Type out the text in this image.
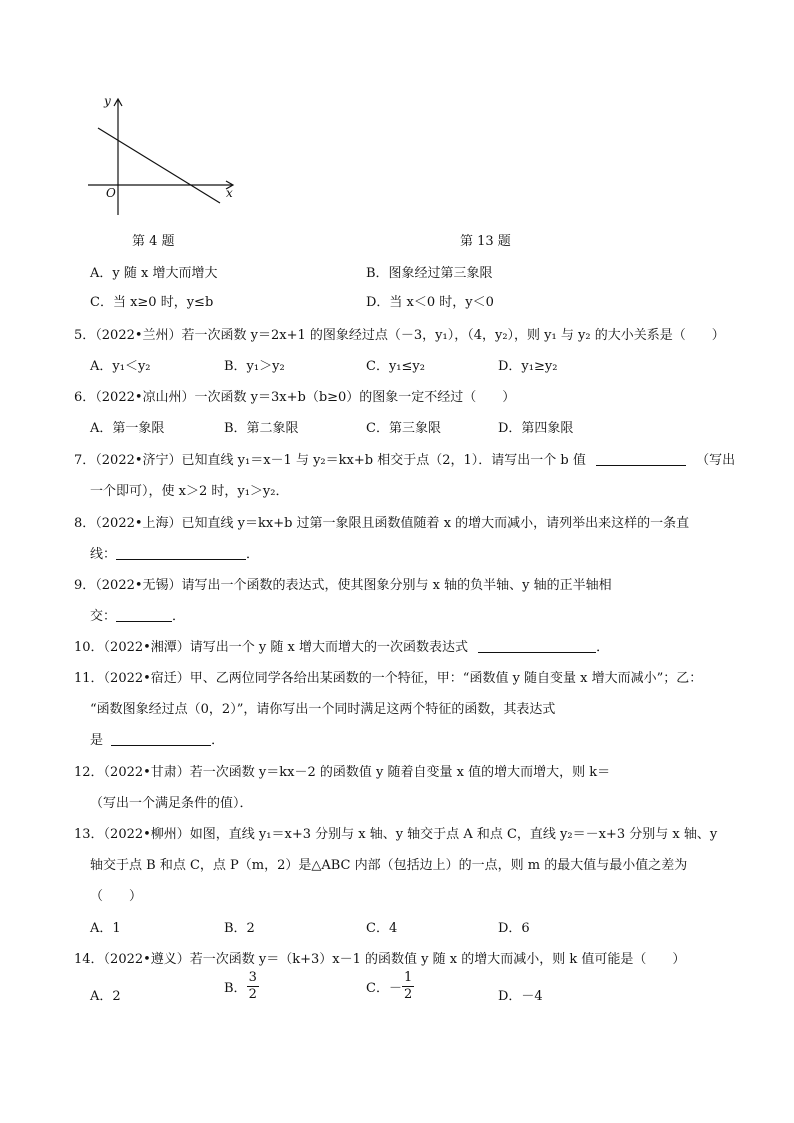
y
x
O
第 4 题	第 13 题
A．y 随 x 增大而增大	B．图象经过第三象限
C．当 x≥0 时，y≤b	D．当 x＜0 时，y＜0
5．（2022•兰州）若一次函数 y＝2x+1 的图象经过点（－3，y₁），（4，y₂），则 y₁ 与 y₂ 的大小关系是（　　）
A．y₁＜y₂	B．y₁＞y₂	C．y₁≤y₂	D．y₁≥y₂
6．（2022•凉山州）一次函数 y＝3x+b（b≥0）的图象一定不经过（　　）
A．第一象限	B．第二象限	C．第三象限	D．第四象限
7．（2022•济宁）已知直线 y₁＝x－1 与 y₂＝kx+b 相交于点（2，1）．请写出一个 b 值	（写出
一个即可），使 x＞2 时，y₁＞y₂．
8．（2022•上海）已知直线 y＝kx+b 过第一象限且函数值随着 x 的增大而减小，请列举出来这样的一条直
线：	．
9．（2022•无锡）请写出一个函数的表达式，使其图象分别与 x 轴的负半轴、y 轴的正半轴相
交：	．
10．（2022•湘潭）请写出一个 y 随 x 增大而增大的一次函数表达式	．
11．（2022•宿迁）甲、乙两位同学各给出某函数的一个特征，甲：“函数值 y 随自变量 x 增大而减小”；乙：
“函数图象经过点（0，2）”，请你写出一个同时满足这两个特征的函数，其表达式
是	．
12．（2022•甘肃）若一次函数 y＝kx－2 的函数值 y 随着自变量 x 值的增大而增大，则 k＝
（写出一个满足条件的值）．
13．（2022•柳州）如图，直线 y₁＝x+3 分别与 x 轴、y 轴交于点 A 和点 C，直线 y₂＝－x+3 分别与 x 轴、y
轴交于点 B 和点 C，点 P（m，2）是△ABC 内部（包括边上）的一点，则 m 的最大值与最小值之差为
（　　）
A．1	B．2	C．4	D．6
14．（2022•遵义）若一次函数 y＝（k+3）x－1 的函数值 y 随 x 的增大而减小，则 k 值可能是（　　）
A．2
B． $\frac{3}{2}$	C．－ $\frac{1}{2}$	D．－4
